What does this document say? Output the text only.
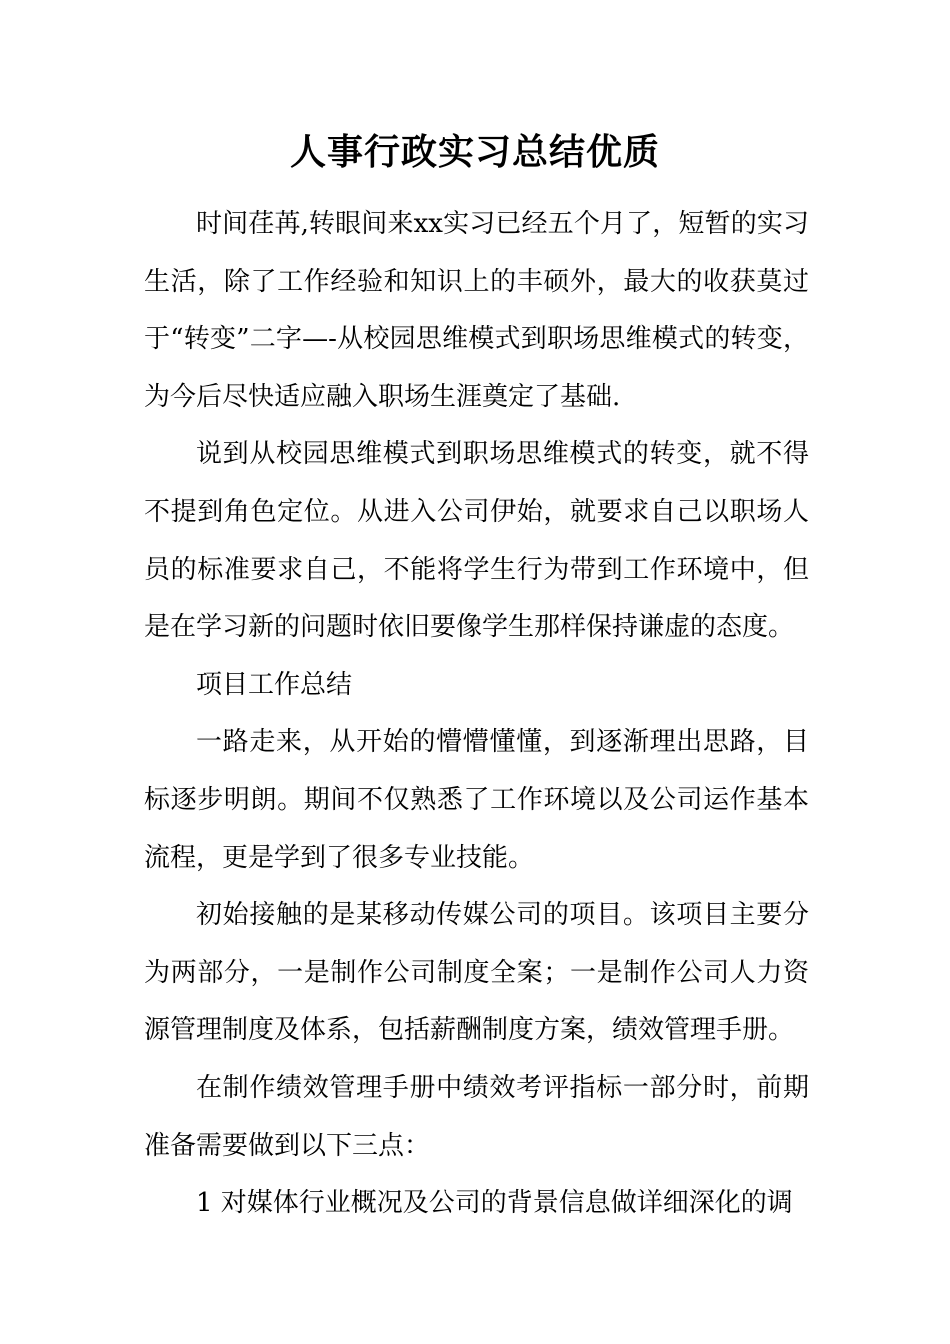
人事行政实习总结优质

时间荏苒,转眼间来xx实习已经五个月了，短暂的实习生活，除了工作经验和知识上的丰硕外，最大的收获莫过于“转变”二字—-从校园思维模式到职场思维模式的转变，为今后尽快适应融入职场生涯奠定了基础.

说到从校园思维模式到职场思维模式的转变，就不得不提到角色定位。从进入公司伊始，就要求自己以职场人员的标准要求自己，不能将学生行为带到工作环境中，但是在学习新的问题时依旧要像学生那样保持谦虚的态度。

项目工作总结

一路走来，从开始的懵懵懂懂，到逐渐理出思路，目标逐步明朗。期间不仅熟悉了工作环境以及公司运作基本流程，更是学到了很多专业技能。

初始接触的是某移动传媒公司的项目。该项目主要分为两部分，一是制作公司制度全案；一是制作公司人力资源管理制度及体系，包括薪酬制度方案，绩效管理手册。

在制作绩效管理手册中绩效考评指标一部分时，前期准备需要做到以下三点：

1 对媒体行业概况及公司的背景信息做详细深化的调
